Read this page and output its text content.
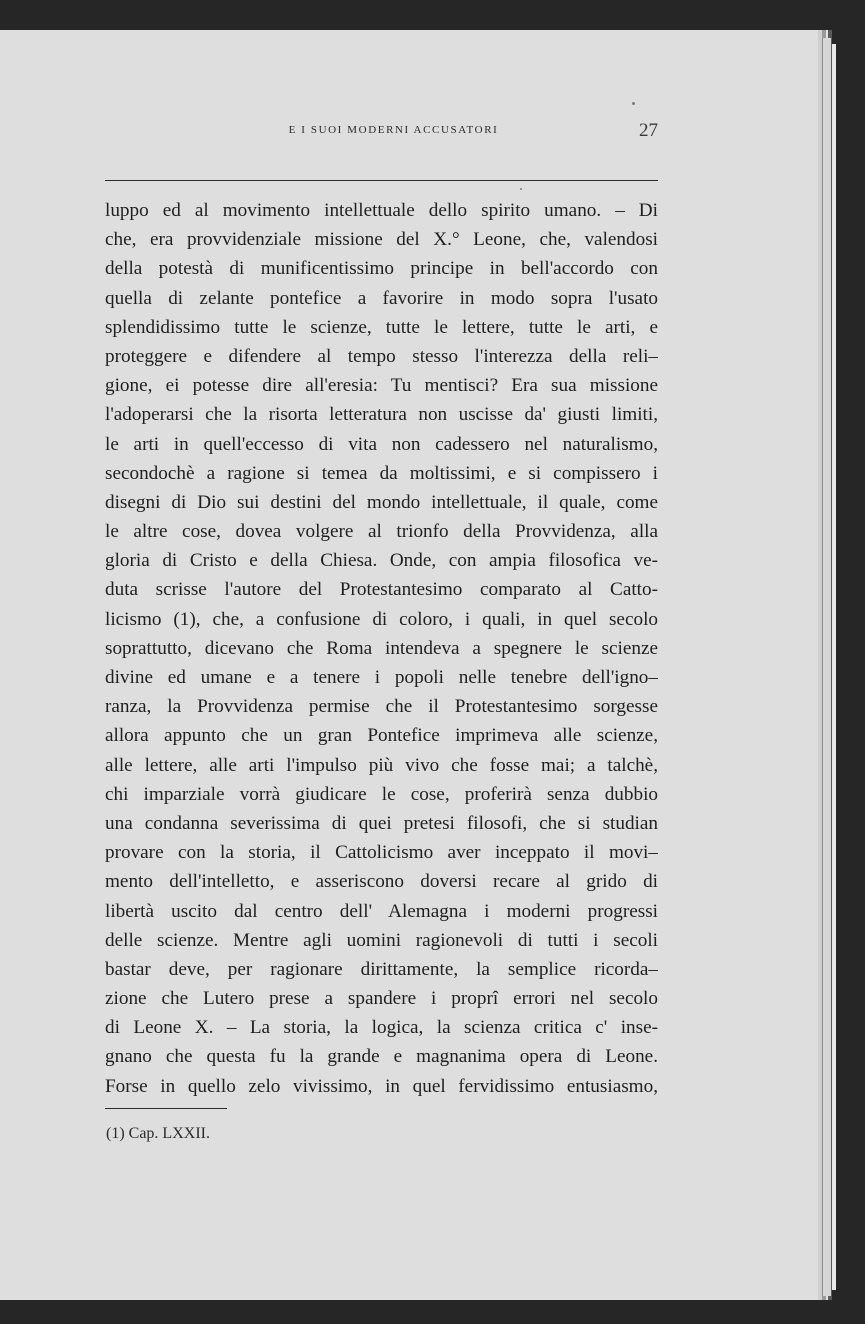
E I SUOI MODERNI ACCUSATORI	27
luppo ed al movimento intellettuale dello spirito umano. – Di
che, era provvidenziale missione del X.° Leone, che, valendosi
della potestà di munificentissimo principe in bell'accordo con
quella di zelante pontefice a favorire in modo sopra l'usato
splendidissimo tutte le scienze, tutte le lettere, tutte le arti, e
proteggere e difendere al tempo stesso l'interezza della reli–
gione, ei potesse dire all'eresia: Tu mentisci? Era sua missione
l'adoperarsi che la risorta letteratura non uscisse da' giusti limiti,
le arti in quell'eccesso di vita non cadessero nel naturalismo,
secondochè a ragione si temea da moltissimi, e si compissero i
disegni di Dio sui destini del mondo intellettuale, il quale, come
le altre cose, dovea volgere al trionfo della Provvidenza, alla
gloria di Cristo e della Chiesa. Onde, con ampia filosofica ve-
duta scrisse l'autore del Protestantesimo comparato al Catto-
licismo (1), che, a confusione di coloro, i quali, in quel secolo
soprattutto, dicevano che Roma intendeva a spegnere le scienze
divine ed umane e a tenere i popoli nelle tenebre dell'igno–
ranza, la Provvidenza permise che il Protestantesimo sorgesse
allora appunto che un gran Pontefice imprimeva alle scienze,
alle lettere, alle arti l'impulso più vivo che fosse mai; a talchè,
chi imparziale vorrà giudicare le cose, proferirà senza dubbio
una condanna severissima di quei pretesi filosofi, che si studian
provare con la storia, il Cattolicismo aver inceppato il movi–
mento dell'intelletto, e asseriscono doversi recare al grido di
libertà uscito dal centro dell' Alemagna i moderni progressi
delle scienze. Mentre agli uomini ragionevoli di tutti i secoli
bastar deve, per ragionare dirittamente, la semplice ricorda–
zione che Lutero prese a spandere i proprî errori nel secolo
di Leone X. – La storia, la logica, la scienza critica c' inse-
gnano che questa fu la grande e magnanima opera di Leone.
Forse in quello zelo vivissimo, in quel fervidissimo entusiasmo,
(1) Cap. LXXII.
